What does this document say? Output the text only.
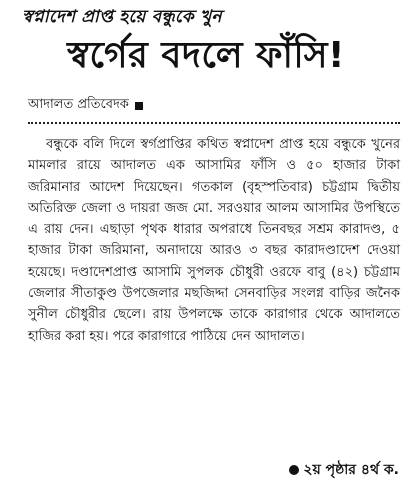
স্বপ্নাদেশ প্রাপ্ত হয়ে বন্ধুকে খুন
স্বর্গের বদলে ফাঁসি!
আদালত প্রতিবেদক

বন্ধুকে বলি দিলে স্বর্গপ্রাপ্তির কথিত স্বপ্নাদেশ প্রাপ্ত হয়ে বন্ধুকে খুনের মামলার রায়ে আদালত এক আসামির ফাঁসি ও ৫০ হাজার টাকা জরিমানার আদেশ দিয়েছেন। গতকাল (বৃহস্পতিবার) চট্টগ্রাম দ্বিতীয় অতিরিক্ত জেলা ও দায়রা জজ মো. সরওয়ার আলম আসামির উপস্থিতে এ রায় দেন। এছাড়া পৃথক ধারার অপরাধে তিনবছর সশ্রম কারাদণ্ড, ৫ হাজার টাকা জরিমানা, অনাদায়ে আরও ৩ বছর কারাদণ্ডাদেশ দেওয়া হয়েছে। দণ্ডাদেশপ্রাপ্ত আসামি সুপলক চৌধুরী ওরফে বাবু (৪২) চট্টগ্রাম জেলার সীতাকুণ্ড উপজেলার মছজিদ্দা সেনবাড়ির সংলগ্ন বাড়ির জনৈক সুনীল চৌধুরীর ছেলে। রায় উপলক্ষে তাকে কারাগার থেকে আদালতে হাজির করা হয়। পরে কারাগারে পাঠিয়ে দেন আদালত।

২য় পৃষ্ঠার ৪র্থ ক.
